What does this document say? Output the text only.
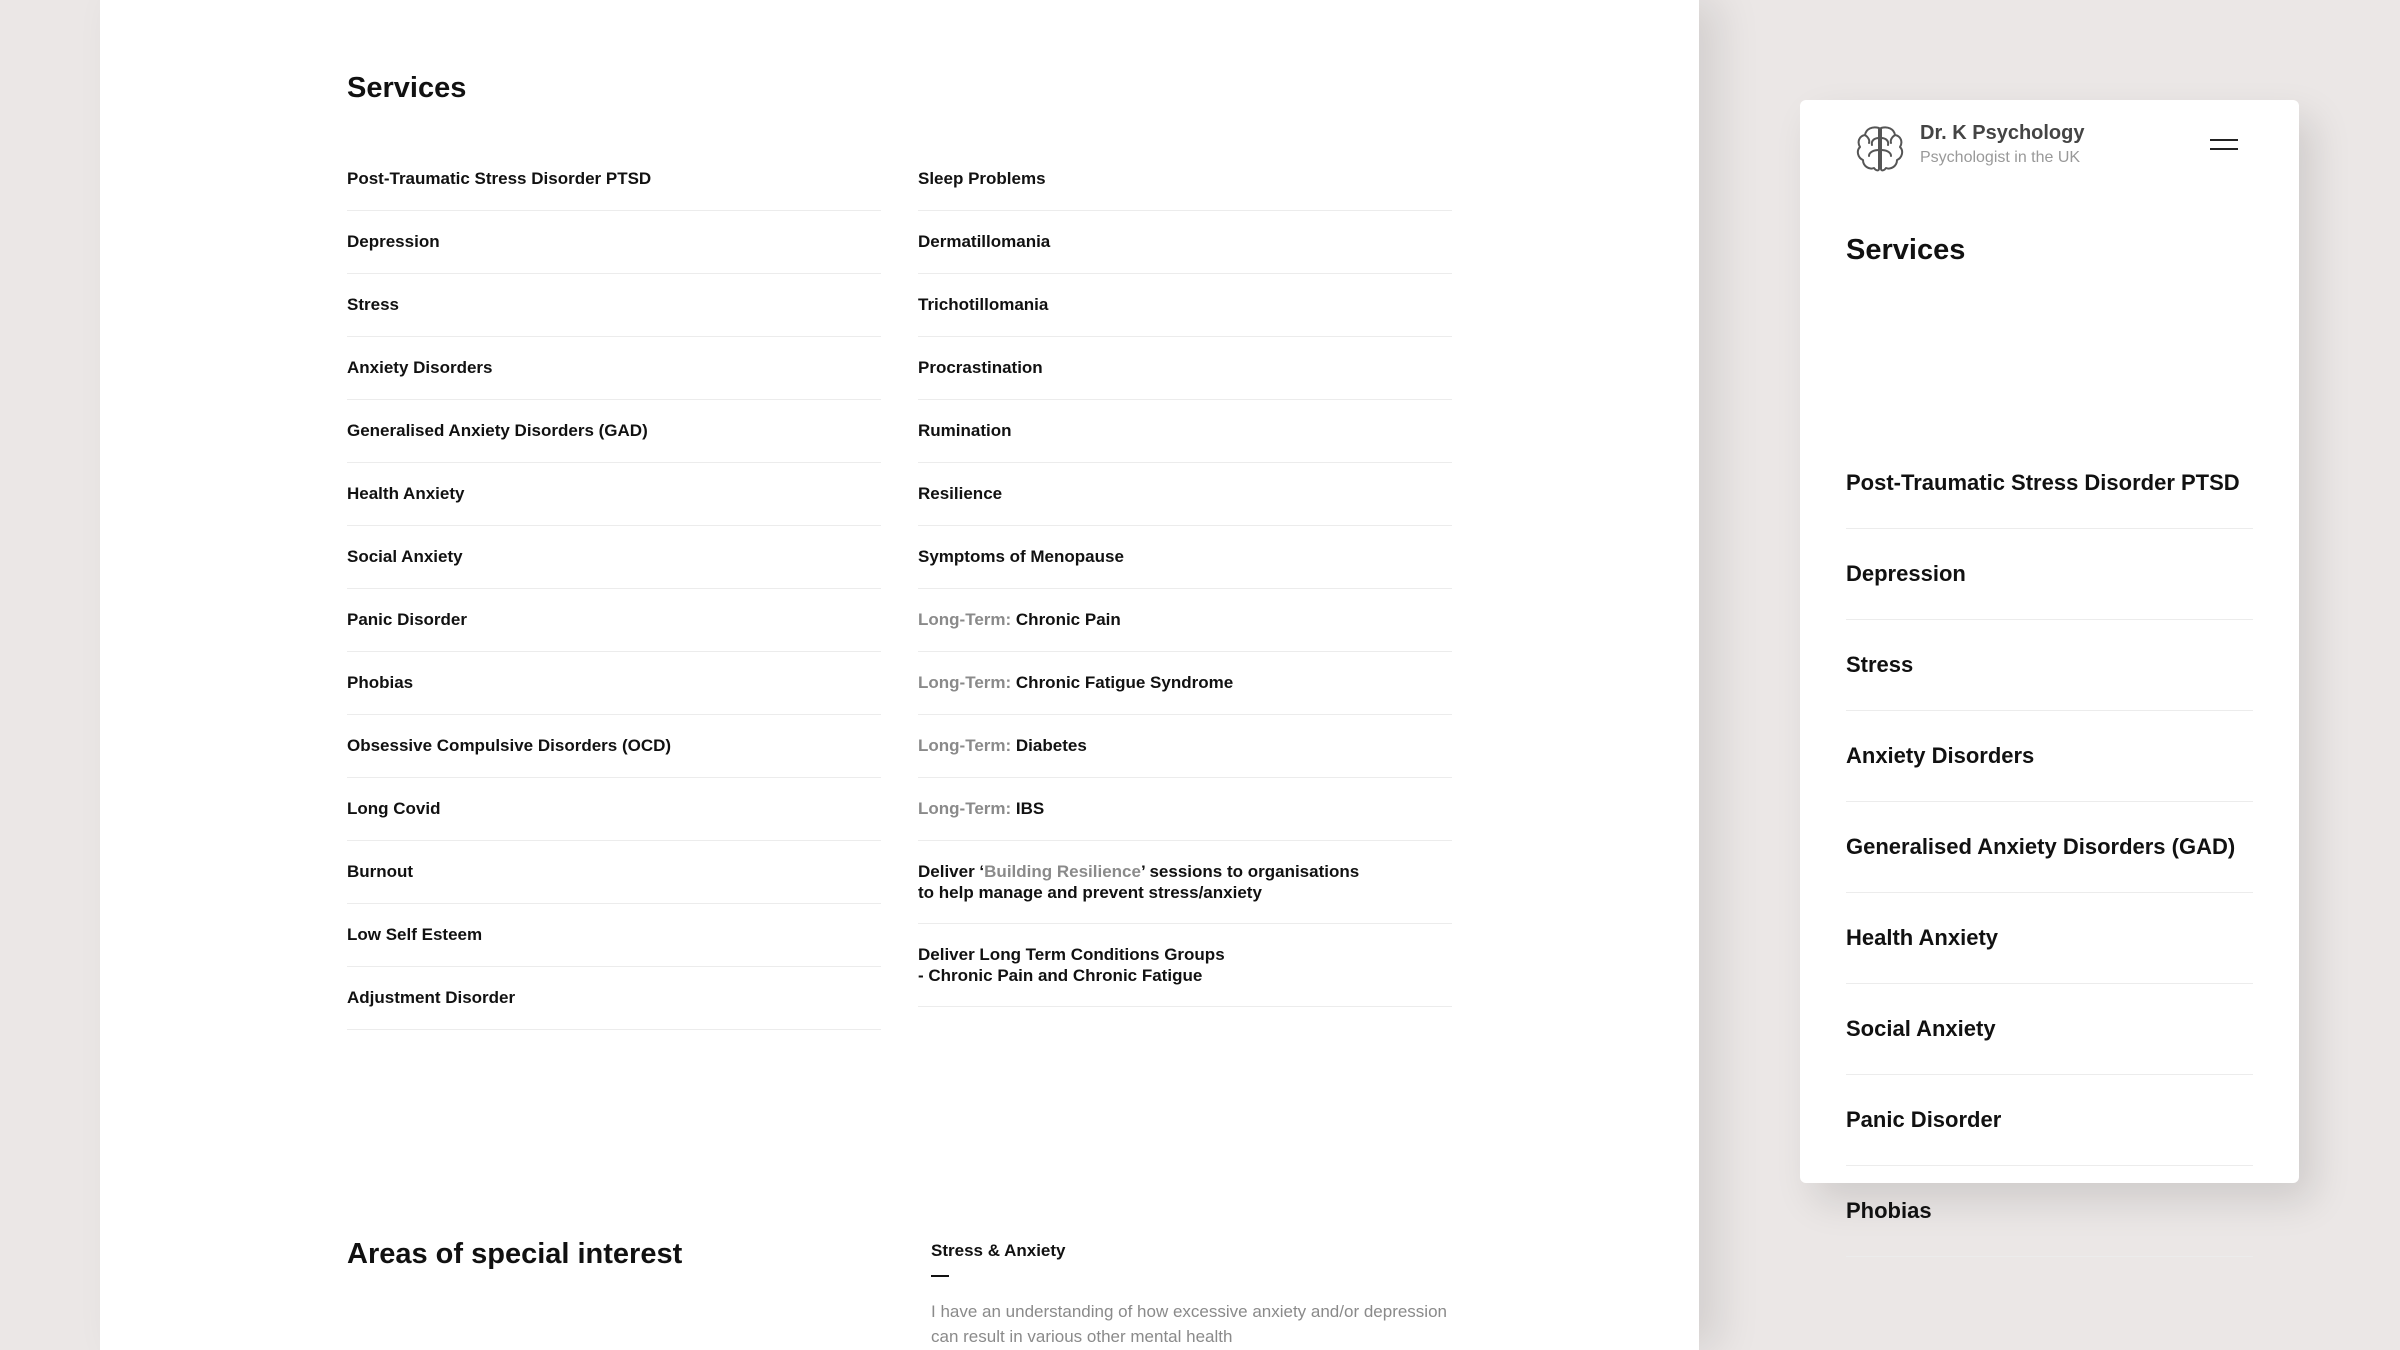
Services
Post-Traumatic Stress Disorder PTSD
Depression
Stress
Anxiety Disorders
Generalised Anxiety Disorders (GAD)
Health Anxiety
Social Anxiety
Panic Disorder
Phobias
Obsessive Compulsive Disorders (OCD)
Long Covid
Burnout
Low Self Esteem
Adjustment Disorder
Sleep Problems
Dermatillomania
Trichotillomania
Procrastination
Rumination
Resilience
Symptoms of Menopause
Long-Term:
Chronic Pain
Long-Term:
Chronic Fatigue Syndrome
Long-Term:
Diabetes
Long-Term:
IBS
Deliver ‘Building Resilience’ sessions to organisations
to help manage and prevent stress/anxiety
Deliver Long Term Conditions Groups
- Chronic Pain and Chronic Fatigue
Areas of special interest	Stress & Anxiety
I have an understanding of how excessive anxiety and/or depression can result in various other mental health
Dr. K Psychology
Psychologist in the UK
Services
Post-Traumatic Stress Disorder PTSD
Depression
Stress
Anxiety Disorders
Generalised Anxiety Disorders (GAD)
Health Anxiety
Social Anxiety
Panic Disorder
Phobias
